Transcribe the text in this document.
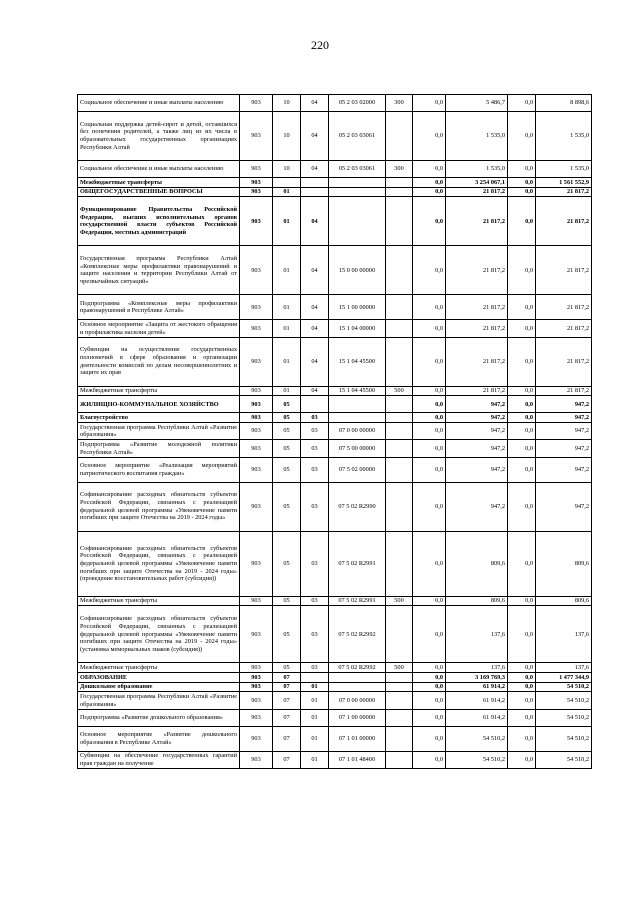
220
Социальное обеспечение и иные выплаты населению	903	10	04	05 2 03 02000	300	0,0	5 486,7	0,0	8 898,6
Социальная поддержка детей-сирот и детей, оставшихся без попечения родителей, а также лиц из их числа в образовательных государственных организациях Республики Алтай	903	10	04	05 2 03 03061		0,0	1 535,0	0,0	1 535,0
Социальное обеспечение и иные выплаты населению	903	10	04	05 2 03 03061	300	0,0	1 535,0	0,0	1 535,0
Межбюджетные трансферты	903					0,0	3 254 067,1	0,0	1 561 552,9
ОБЩЕГОСУДАРСТВЕННЫЕ ВОПРОСЫ	903	01				0,0	21 817,2	0,0	21 817,2
Функционирование Правительства Российской Федерации, высших исполнительных органов государственной власти субъектов Российской Федерации, местных администраций	903	01	04			0,0	21 817,2	0,0	21 817,2
Государственная программа Республики Алтай «Комплексные меры профилактики правонарушений и защите населения и территории Республики Алтай от чрезвычайных ситуаций»	903	01	04	15 0 00 00000		0,0	21 817,2	0,0	21 817,2
Подпрограмма «Комплексные меры профилактики правонарушений в Республике Алтай»	903	01	04	15 1 00 00000		0,0	21 817,2	0,0	21 817,2
Основное мероприятие «Защита от жестокого обращения и профилактика насилия детей»	903	01	04	15 1 04 00000		0,0	21 817,2	0,0	21 817,2
Субвенции на осуществление государственных полномочий в сфере образования и организации деятельности комиссий по делам несовершеннолетних и защите их прав	903	01	04	15 1 04 45500		0,0	21 817,2	0,0	21 817,2
Межбюджетные трансферты	903	01	04	15 1 04 45500	500	0,0	21 817,2	0,0	21 817,2
ЖИЛИЩНО-КОММУНАЛЬНОЕ ХОЗЯЙСТВО	903	05				0,0	947,2	0,0	947,2
Благоустройство	903	05	03			0,0	947,2	0,0	947,2
Государственная программа Республики Алтай «Развитие образования»	903	05	03	07 0 00 00000		0,0	947,2	0,0	947,2
Подпрограмма «Развитие молодежной политики Республики Алтай»	903	05	03	07 5 00 00000		0,0	947,2	0,0	947,2
Основное мероприятие «Реализация мероприятий патриотического воспитания граждан»	903	05	03	07 5 02 00000		0,0	947,2	0,0	947,2
Софинансирование расходных обязательств субъектов Российской Федерации, связанных с реализацией федеральной целевой программы «Увековечение памяти погибших при защите Отечества на 2019 - 2024 годы»	903	05	03	07 5 02 R2990		0,0	947,2	0,0	947,2
Софинансирование расходных обязательств субъектов Российской Федерации, связанных с реализацией федеральной целевой программы «Увековечение памяти погибших при защите Отечества на 2019 - 2024 годы» (проведение восстановительных работ (субсидия))	903	05	03	07 5 02 R2991		0,0	809,6	0,0	809,6
Межбюджетные трансферты	903	05	03	07 5 02 R2991	500	0,0	809,6	0,0	809,6
Софинансирование расходных обязательств субъектов Российской Федерации, связанных с реализацией федеральной целевой программы «Увековечение памяти погибших при защите Отечества на 2019 - 2024 годы» (установка мемориальных знаков (субсидия))	903	05	03	07 5 02 R2992		0,0	137,6	0,0	137,6
Межбюджетные трансферты	903	05	03	07 5 02 R2992	500	0,0	137,6	0,0	137,6
ОБРАЗОВАНИЕ	903	07				0,0	3 169 769,3	0,0	1 477 344,9
Дошкольное образование	903	07	01			0,0	61 914,2	0,0	54 510,2
Государственная программа Республики Алтай «Развитие образования»	903	07	01	07 0 00 00000		0,0	61 914,2	0,0	54 510,2
Подпрограмма «Развитие дошкольного образования»	903	07	01	07 1 00 00000		0,0	61 914,2	0,0	54 510,2
Основное мероприятие «Развитие дошкольного образования в Республике Алтай»	903	07	01	07 1 01 00000		0,0	54 510,2	0,0	54 510,2
Субвенции на обеспечение государственных гарантий прав граждан на получение	903	07	01	07 1 01 48400		0,0	54 510,2	0,0	54 510,2
